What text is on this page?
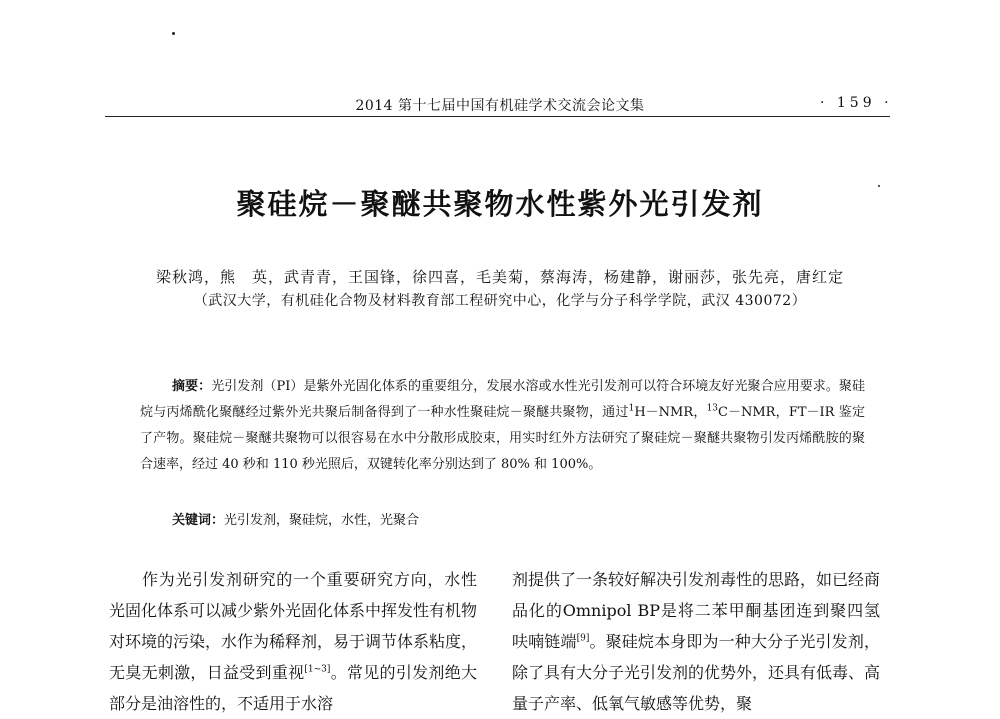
2014 第十七届中国有机硅学术交流会论文集	· 159 ·
聚硅烷－聚醚共聚物水性紫外光引发剂
梁秋鸿，熊　英，武青青，王国锋，徐四喜，毛美菊，蔡海涛，杨建静，谢丽莎，张先亮，唐红定
（武汉大学，有机硅化合物及材料教育部工程研究中心，化学与分子科学学院，武汉 430072）
摘要：光引发剂（PI）是紫外光固化体系的重要组分，发展水溶或水性光引发剂可以符合环境友好光聚合应用要求。聚硅烷与丙烯酰化聚醚经过紫外光共聚后制备得到了一种水性聚硅烷－聚醚共聚物，通过$^1$H－NMR，$^{13}$C－NMR，FT－IR 鉴定了产物。聚硅烷－聚醚共聚物可以很容易在水中分散形成胶束，用实时红外方法研究了聚硅烷－聚醚共聚物引发丙烯酰胺的聚合速率，经过 40 秒和 110 秒光照后，双键转化率分别达到了 80% 和 100%。
关键词：光引发剂，聚硅烷，水性，光聚合
作为光引发剂研究的一个重要研究方向，水性光固化体系可以减少紫外光固化体系中挥发性有机物对环境的污染，水作为稀释剂，易于调节体系粘度，无臭无刺激，日益受到重视[1~3]。常见的引发剂绝大部分是油溶性的，不适用于水溶
剂提供了一条较好解决引发剂毒性的思路，如已经商品化的Omnipol BP是将二苯甲酮基团连到聚四氢呋喃链端[9]。聚硅烷本身即为一种大分子光引发剂，除了具有大分子光引发剂的优势外，还具有低毒、高量子产率、低氧气敏感等优势，聚
